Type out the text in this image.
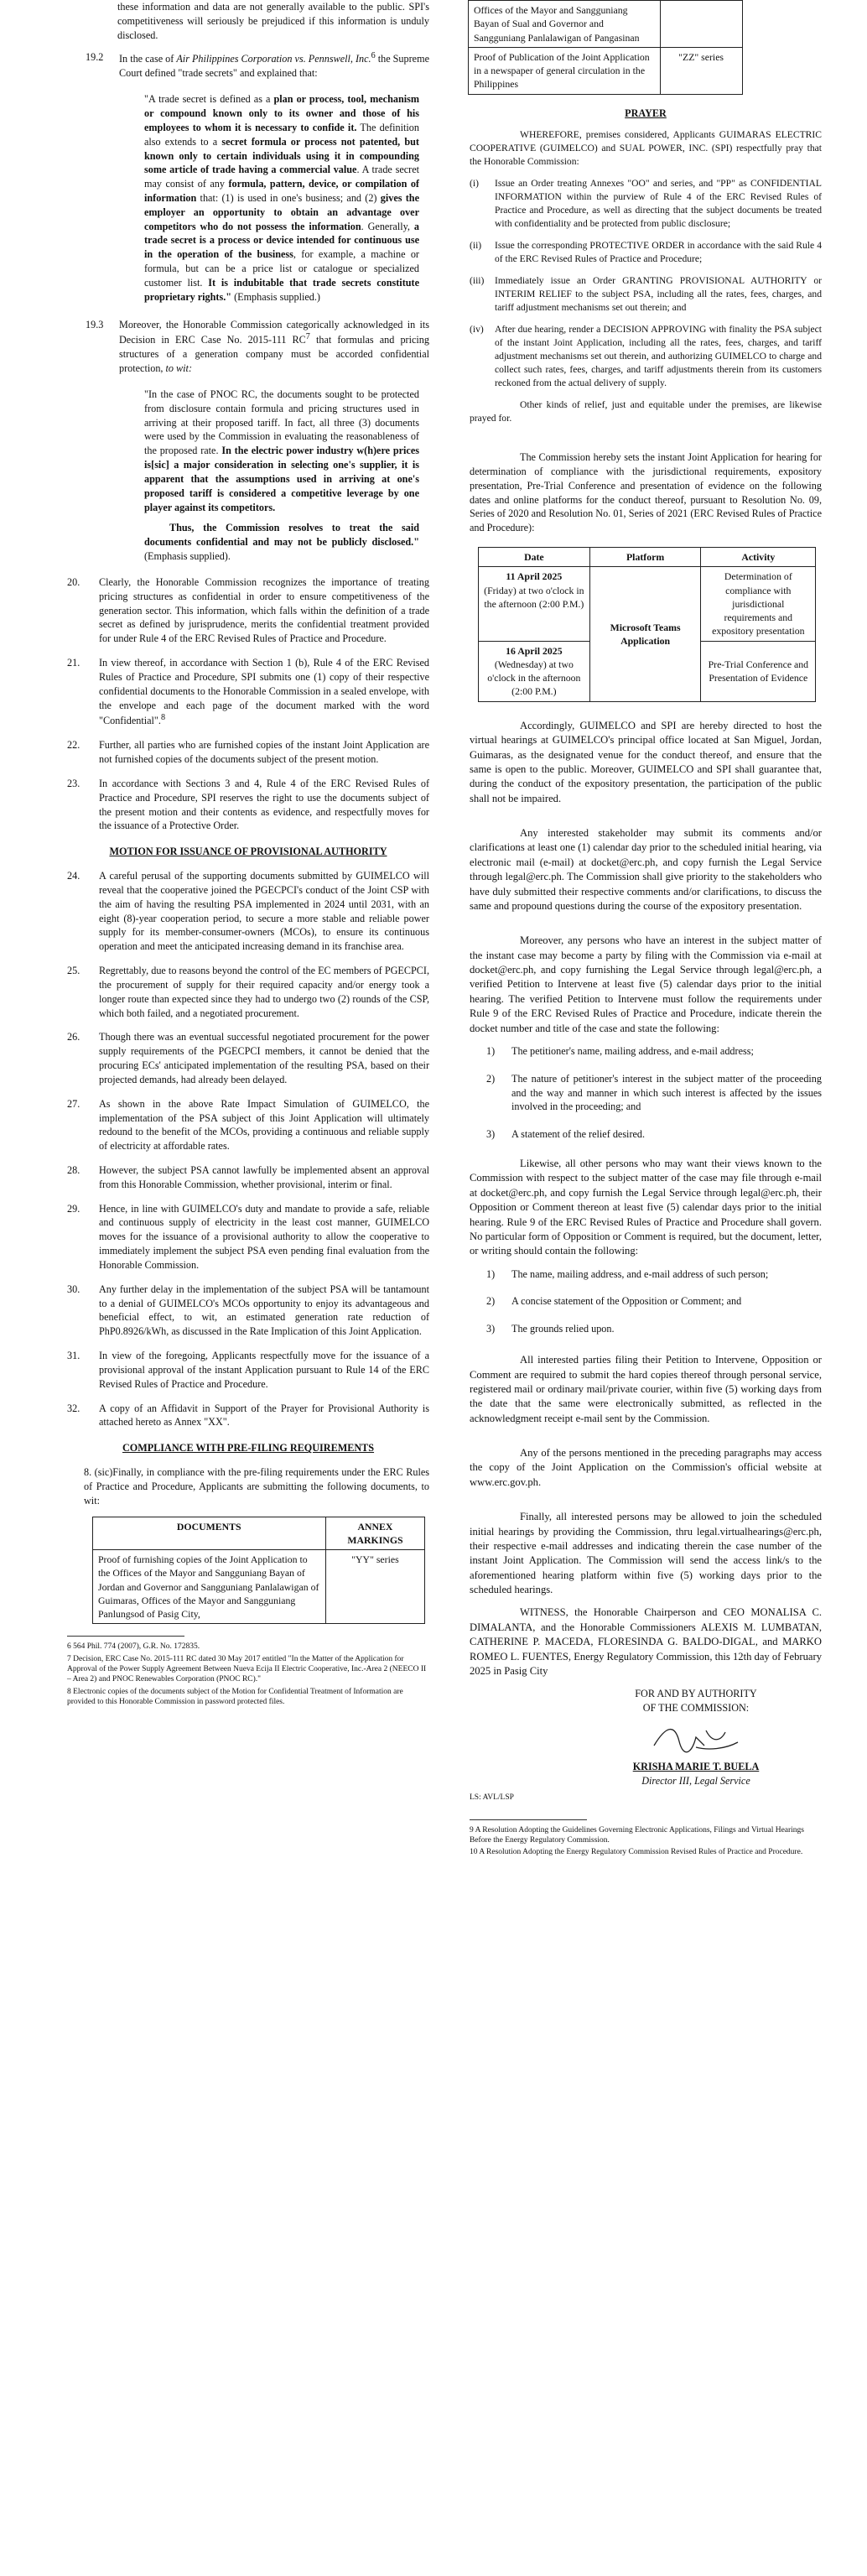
these information and data are not generally available to the public. SPI's competitiveness will seriously be prejudiced if this information is unduly disclosed.

19.2	In the case of Air Philippines Corporation vs. Pennswell, Inc.$^6$ the Supreme Court defined "trade secrets" and explained that:
"A trade secret is defined as a plan or process, tool, mechanism or compound known only to its owner and those of his employees to whom it is necessary to confide it. The definition also extends to a secret formula or process not patented, but known only to certain individuals using it in compounding some article of trade having a commercial value. A trade secret may consist of any formula, pattern, device, or compilation of information that: (1) is used in one's business; and (2) gives the employer an opportunity to obtain an advantage over competitors who do not possess the information. Generally, a trade secret is a process or device intended for continuous use in the operation of the business, for example, a machine or formula, but can be a price list or catalogue or specialized customer list. It is indubitable that trade secrets constitute proprietary rights." (Emphasis supplied.)
19.3	Moreover, the Honorable Commission categorically acknowledged in its Decision in ERC Case No. 2015-111 $RC^7$ that formulas and pricing structures of a generation company must be accorded confidential protection, to wit:
"In the case of PNOC RC, the documents sought to be protected from disclosure contain formula and pricing structures used in arriving at their proposed tariff. In fact, all three (3) documents were used by the Commission in evaluating the reasonableness of the proposed rate. In the electric power industry w(h)ere prices is[sic] a major consideration in selecting one's supplier, it is apparent that the assumptions used in arriving at one's proposed tariff is considered a competitive leverage by one player against its competitors.
Thus, the Commission resolves to treat the said documents confidential and may not be publicly disclosed." (Emphasis supplied).
20.	Clearly, the Honorable Commission recognizes the importance of treating pricing structures as confidential in order to ensure competitiveness of the generation sector. This information, which falls within the definition of a trade secret as defined by jurisprudence, merits the confidential treatment provided for under Rule 4 of the ERC Revised Rules of Practice and Procedure.
21.	In view thereof, in accordance with Section 1 (b), Rule 4 of the ERC Revised Rules of Practice and Procedure, SPI submits one (1) copy of their respective confidential documents to the Honorable Commission in a sealed envelope, with the envelope and each page of the document marked with the word "Confidential".$^8$
22.	Further, all parties who are furnished copies of the instant Joint Application are not furnished copies of the documents subject of the present motion.
23.	In accordance with Sections 3 and 4, Rule 4 of the ERC Revised Rules of Practice and Procedure, SPI reserves the right to use the documents subject of the present motion and their contents as evidence, and respectfully moves for the issuance of a Protective Order.
MOTION FOR ISSUANCE OF PROVISIONAL AUTHORITY
24.	A careful perusal of the supporting documents submitted by GUIMELCO will reveal that the cooperative joined the PGECPCI's conduct of the Joint CSP with the aim of having the resulting PSA implemented in 2024 until 2031, with an eight (8)-year cooperation period, to secure a more stable and reliable power supply for its member-consumer-owners (MCOs), to ensure its continuous operation and meet the anticipated increasing demand in its franchise area.
25.	Regrettably, due to reasons beyond the control of the EC members of PGECPCI, the procurement of supply for their required capacity and/or energy took a longer route than expected since they had to undergo two (2) rounds of the CSP, which both failed, and a negotiated procurement.
26.	Though there was an eventual successful negotiated procurement for the power supply requirements of the PGECPCI members, it cannot be denied that the procuring ECs' anticipated implementation of the resulting PSA, based on their projected demands, had already been delayed.
27.	As shown in the above Rate Impact Simulation of GUIMELCO, the implementation of the PSA subject of this Joint Application will ultimately redound to the benefit of the MCOs, providing a continuous and reliable supply of electricity at affordable rates.
28.	However, the subject PSA cannot lawfully be implemented absent an approval from this Honorable Commission, whether provisional, interim or final.
29.	Hence, in line with GUIMELCO's duty and mandate to provide a safe, reliable and continuous supply of electricity in the least cost manner, GUIMELCO moves for the issuance of a provisional authority to allow the cooperative to immediately implement the subject PSA even pending final evaluation from the Honorable Commission.
30.	Any further delay in the implementation of the subject PSA will be tantamount to a denial of GUIMELCO's MCOs opportunity to enjoy its advantageous and beneficial effect, to wit, an estimated generation rate reduction of PhP0.8926/kWh, as discussed in the Rate Implication of this Joint Application.
31.	In view of the foregoing, Applicants respectfully move for the issuance of a provisional approval of the instant Application pursuant to Rule 14 of the ERC Revised Rules of Practice and Procedure.
32.	A copy of an Affidavit in Support of the Prayer for Provisional Authority is attached hereto as Annex "XX".
COMPLIANCE WITH PRE-FILING REQUIREMENTS

8. (sic)Finally, in compliance with the pre-filing requirements under the ERC Rules of Practice and Procedure, Applicants are submitting the following documents, to wit:

DOCUMENTS	ANNEX MARKINGS
Proof of furnishing copies of the Joint Application to the Offices of the Mayor and Sangguniang Bayan of Jordan and Governor and Sangguniang Panlalawigan of Guimaras, Offices of the Mayor and Sangguniang Panlungsod of Pasig City,	"YY" series
6 564 Phil. 774 (2007), G.R. No. 172835.
7 Decision, ERC Case No. 2015-111 RC dated 30 May 2017 entitled "In the Matter of the Application for Approval of the Power Supply Agreement Between Nueva Ecija II Electric Cooperative, Inc.-Area 2 (NEECO II – Area 2) and PNOC Renewables Corporation (PNOC RC)."
8 Electronic copies of the documents subject of the Motion for Confidential Treatment of Information are provided to this Honorable Commission in password protected files.
Offices of the Mayor and Sangguniang Bayan of Sual and Governor and Sangguniang Panlalawigan of Pangasinan	
Proof of Publication of the Joint Application in a newspaper of general circulation in the Philippines	"ZZ" series
PRAYER

WHEREFORE, premises considered, Applicants GUIMARAS ELECTRIC COOPERATIVE (GUIMELCO) and SUAL POWER, INC. (SPI) respectfully pray that the Honorable Commission:

(i)	Issue an Order treating Annexes "OO" and series, and "PP" as CONFIDENTIAL INFORMATION within the purview of Rule 4 of the ERC Revised Rules of Practice and Procedure, as well as directing that the subject documents be treated with confidentiality and be protected from public disclosure;
(ii)	Issue the corresponding PROTECTIVE ORDER in accordance with the said Rule 4 of the ERC Revised Rules of Practice and Procedure;
(iii)	Immediately issue an Order GRANTING PROVISIONAL AUTHORITY or INTERIM RELIEF to the subject PSA, including all the rates, fees, charges, and tariff adjustment mechanisms set out therein; and
(iv)	After due hearing, render a DECISION APPROVING with finality the PSA subject of the instant Joint Application, including all the rates, fees, charges, and tariff adjustment mechanisms set out therein, and authorizing GUIMELCO to charge and collect such rates, fees, charges, and tariff adjustments therein from its customers reckoned from the actual delivery of supply.

Other kinds of relief, just and equitable under the premises, are likewise prayed for.

The Commission hereby sets the instant Joint Application for hearing for determination of compliance with the jurisdictional requirements, expository presentation, Pre-Trial Conference and presentation of evidence on the following dates and online platforms for the conduct thereof, pursuant to Resolution No. 09, Series of 2020 and Resolution No. 01, Series of 2021 (ERC Revised Rules of Practice and Procedure):

Date	Platform	Activity
11 April 2025
(Friday) at two o'clock in the afternoon (2:00 P.M.)	Microsoft Teams Application	Determination of compliance with jurisdictional requirements and expository presentation
16 April 2025
(Wednesday) at two o'clock in the afternoon (2:00 P.M.)		Pre-Trial Conference and Presentation of Evidence

Accordingly, GUIMELCO and SPI are hereby directed to host the virtual hearings at GUIMELCO's principal office located at San Miguel, Jordan, Guimaras, as the designated venue for the conduct thereof, and ensure that the same is open to the public. Moreover, GUIMELCO and SPI shall guarantee that, during the conduct of the expository presentation, the participation of the public shall not be impaired.

Any interested stakeholder may submit its comments and/or clarifications at least one (1) calendar day prior to the scheduled initial hearing, via electronic mail (e-mail) at docket@erc.ph, and copy furnish the Legal Service through legal@erc.ph. The Commission shall give priority to the stakeholders who have duly submitted their respective comments and/or clarifications, to discuss the same and propound questions during the course of the expository presentation.

Moreover, any persons who have an interest in the subject matter of the instant case may become a party by filing with the Commission via e-mail at docket@erc.ph, and copy furnishing the Legal Service through legal@erc.ph, a verified Petition to Intervene at least five (5) calendar days prior to the initial hearing. The verified Petition to Intervene must follow the requirements under Rule 9 of the ERC Revised Rules of Practice and Procedure, indicate therein the docket number and title of the case and state the following:

1)	The petitioner's name, mailing address, and e-mail address;
2)	The nature of petitioner's interest in the subject matter of the proceeding and the way and manner in which such interest is affected by the issues involved in the proceeding; and
3)	A statement of the relief desired.

Likewise, all other persons who may want their views known to the Commission with respect to the subject matter of the case may file through e-mail at docket@erc.ph, and copy furnish the Legal Service through legal@erc.ph, their Opposition or Comment thereon at least five (5) calendar days prior to the initial hearing. Rule 9 of the ERC Revised Rules of Practice and Procedure shall govern. No particular form of Opposition or Comment is required, but the document, letter, or writing should contain the following:

1)	The name, mailing address, and e-mail address of such person;
2)	A concise statement of the Opposition or Comment; and
3)	The grounds relied upon.

All interested parties filing their Petition to Intervene, Opposition or Comment are required to submit the hard copies thereof through personal service, registered mail or ordinary mail/private courier, within five (5) working days from the date that the same were electronically submitted, as reflected in the acknowledgment receipt e-mail sent by the Commission.

Any of the persons mentioned in the preceding paragraphs may access the copy of the Joint Application on the Commission's official website at www.erc.gov.ph.

Finally, all interested persons may be allowed to join the scheduled initial hearings by providing the Commission, thru legal.virtualhearings@erc.ph, their respective e-mail addresses and indicating therein the case number of the instant Joint Application. The Commission will send the access link/s to the aforementioned hearing platform within five (5) working days prior to the scheduled hearings.

WITNESS, the Honorable Chairperson and CEO MONALISA C. DIMALANTA, and the Honorable Commissioners ALEXIS M. LUMBATAN, CATHERINE P. MACEDA, FLORESINDA G. BALDO-DIGAL, and MARKO ROMEO L. FUENTES, Energy Regulatory Commission, this 12th day of February 2025 in Pasig City

FOR AND BY AUTHORITY
OF THE COMMISSION:
KRISHA MARIE T. BUELA
Director III, Legal Service
LS: AVL/LSP
9 A Resolution Adopting the Guidelines Governing Electronic Applications, Filings and Virtual Hearings Before the Energy Regulatory Commission.
10 A Resolution Adopting the Energy Regulatory Commission Revised Rules of Practice and Procedure.
